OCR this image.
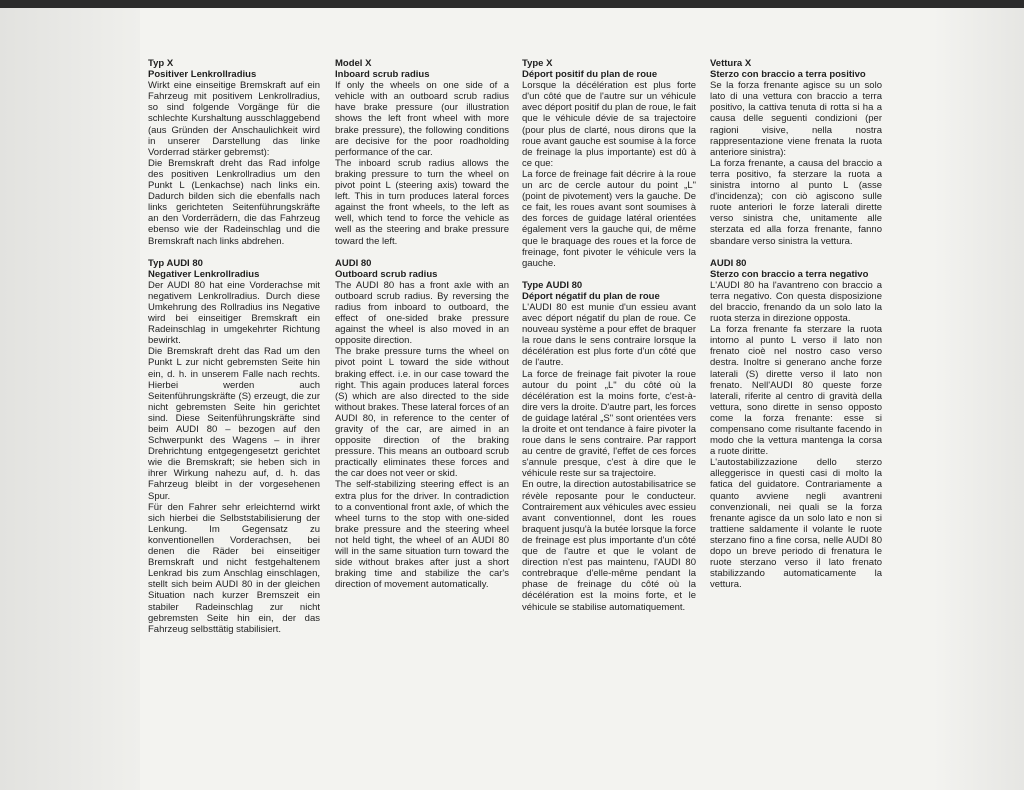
Typ X

Positiver Lenkrollradius

Wirkt eine einseitige Bremskraft auf ein Fahrzeug mit positivem Lenkrollradius, so sind folgende Vorgänge für die schlechte Kurshaltung ausschlaggebend (aus Gründen der Anschaulichkeit wird in unserer Darstellung das linke Vorderrad stärker gebremst):

Die Bremskraft dreht das Rad infolge des positiven Lenkrollradius um den Punkt L (Lenkachse) nach links ein. Dadurch bilden sich die ebenfalls nach links gerichteten Seitenführungskräfte an den Vorderrädern, die das Fahrzeug ebenso wie der Radeinschlag und die Bremskraft nach links abdrehen.

Typ AUDI 80

Negativer Lenkrollradius

Der AUDI 80 hat eine Vorderachse mit negativem Lenkrollradius. Durch diese Umkehrung des Rollradius ins Negative wird bei einseitiger Bremskraft ein Radeinschlag in umgekehrter Richtung bewirkt.

Die Bremskraft dreht das Rad um den Punkt L zur nicht gebremsten Seite hin ein, d. h. in unserem Falle nach rechts. Hierbei werden auch Seitenführungskräfte (S) erzeugt, die zur nicht gebremsten Seite hin gerichtet sind. Diese Seitenführungskräfte sind beim AUDI 80 – bezogen auf den Schwerpunkt des Wagens – in ihrer Drehrichtung entgegengesetzt gerichtet wie die Bremskraft; sie heben sich in ihrer Wirkung nahezu auf, d. h. das Fahrzeug bleibt in der vorgesehenen Spur.

Für den Fahrer sehr erleichternd wirkt sich hierbei die Selbststabilisierung der Lenkung. Im Gegensatz zu konventionellen Vorderachsen, bei denen die Räder bei einseitiger Bremskraft und nicht festgehaltenem Lenkrad bis zum Anschlag einschlagen, stellt sich beim AUDI 80 in der gleichen Situation nach kurzer Bremszeit ein stabiler Radeinschlag zur nicht gebremsten Seite hin ein, der das Fahrzeug selbsttätig stabilisiert.

Model X

Inboard scrub radius

If only the wheels on one side of a vehicle with an outboard scrub radius have brake pressure (our illustration shows the left front wheel with more brake pressure), the following conditions are decisive for the poor roadholding performance of the car.

The inboard scrub radius allows the braking pressure to turn the wheel on pivot point L (steering axis) toward the left. This in turn produces lateral forces against the front wheels, to the left as well, which tend to force the vehicle as well as the steering and brake pressure toward the left.

AUDI 80

Outboard scrub radius

The AUDI 80 has a front axle with an outboard scrub radius. By reversing the radius from inboard to outboard, the effect of one-sided brake pressure against the wheel is also moved in an opposite direction.

The brake pressure turns the wheel on pivot point L toward the side without braking effect. i.e. in our case toward the right. This again produces lateral forces (S) which are also directed to the side without brakes. These lateral forces of an AUDI 80, in reference to the center of gravity of the car, are aimed in an opposite direction of the braking pressure. This means an outboard scrub practically eliminates these forces and the car does not veer or skid.

The self-stabilizing steering effect is an extra plus for the driver. In contradiction to a conventional front axle, of which the wheel turns to the stop with one-sided brake pressure and the steering wheel not held tight, the wheel of an AUDI 80 will in the same situation turn toward the side without brakes after just a short braking time and stabilize the car's direction of movement automatically.

Type X

Déport positif du plan de roue

Lorsque la décélération est plus forte d'un côté que de l'autre sur un véhicule avec déport positif du plan de roue, le fait que le véhicule dévie de sa trajectoire (pour plus de clarté, nous dirons que la roue avant gauche est soumise à la force de freinage la plus importante) est dû à ce que:

La force de freinage fait décrire à la roue un arc de cercle autour du point „L" (point de pivotement) vers la gauche. De ce fait, les roues avant sont soumises à des forces de guidage latéral orientées également vers la gauche qui, de même que le braquage des roues et la force de freinage, font pivoter le véhicule vers la gauche.

Type AUDI 80

Déport négatif du plan de roue

L'AUDI 80 est munie d'un essieu avant avec déport négatif du plan de roue. Ce nouveau système a pour effet de braquer la roue dans le sens contraire lorsque la décélération est plus forte d'un côté que de l'autre.

La force de freinage fait pivoter la roue autour du point „L" du côté où la décélération est la moins forte, c'est-à-dire vers la droite. D'autre part, les forces de guidage latéral „S" sont orientées vers la droite et ont tendance à faire pivoter la roue dans le sens contraire. Par rapport au centre de gravité, l'effet de ces forces s'annule presque, c'est à dire que le véhicule reste sur sa trajectoire.

En outre, la direction autostabilisatrice se révèle reposante pour le conducteur. Contrairement aux véhicules avec essieu avant conventionnel, dont les roues braquent jusqu'à la butée lorsque la force de freinage est plus importante d'un côté que de l'autre et que le volant de direction n'est pas maintenu, l'AUDI 80 contrebraque d'elle-même pendant la phase de freinage du côté où la décélération est la moins forte, et le véhicule se stabilise automatiquement.

Vettura X

Sterzo con braccio a terra positivo

Se la forza frenante agisce su un solo lato di una vettura con braccio a terra positivo, la cattiva tenuta di rotta si ha a causa delle seguenti condizioni (per ragioni visive, nella nostra rappresentazione viene frenata la ruota anteriore sinistra):

La forza frenante, a causa del braccio a terra positivo, fa sterzare la ruota a sinistra intorno al punto L (asse d'incidenza); con ciò agiscono sulle ruote anteriori le forze laterali dirette verso sinistra che, unitamente alle sterzata ed alla forza frenante, fanno sbandare verso sinistra la vettura.

AUDI 80

Sterzo con braccio a terra negativo

L'AUDI 80 ha l'avantreno con braccio a terra negativo. Con questa disposizione del braccio, frenando da un solo lato la ruota sterza in direzione opposta.

La forza frenante fa sterzare la ruota intorno al punto L verso il lato non frenato cioè nel nostro caso verso destra. Inoltre si generano anche forze laterali (S) dirette verso il lato non frenato. Nell'AUDI 80 queste forze laterali, riferite al centro di gravità della vettura, sono dirette in senso opposto come la forza frenante: esse si compensano come risultante facendo in modo che la vettura mantenga la corsa a ruote diritte.

L'autostabilizzazione dello sterzo alleggerisce in questi casi di molto la fatica del guidatore. Contrariamente a quanto avviene negli avantreni convenzionali, nei quali se la forza frenante agisce da un solo lato e non si trattiene saldamente il volante le ruote sterzano fino a fine corsa, nelle AUDI 80 dopo un breve periodo di frenatura le ruote sterzano verso il lato frenato stabilizzando automaticamente la vettura.
